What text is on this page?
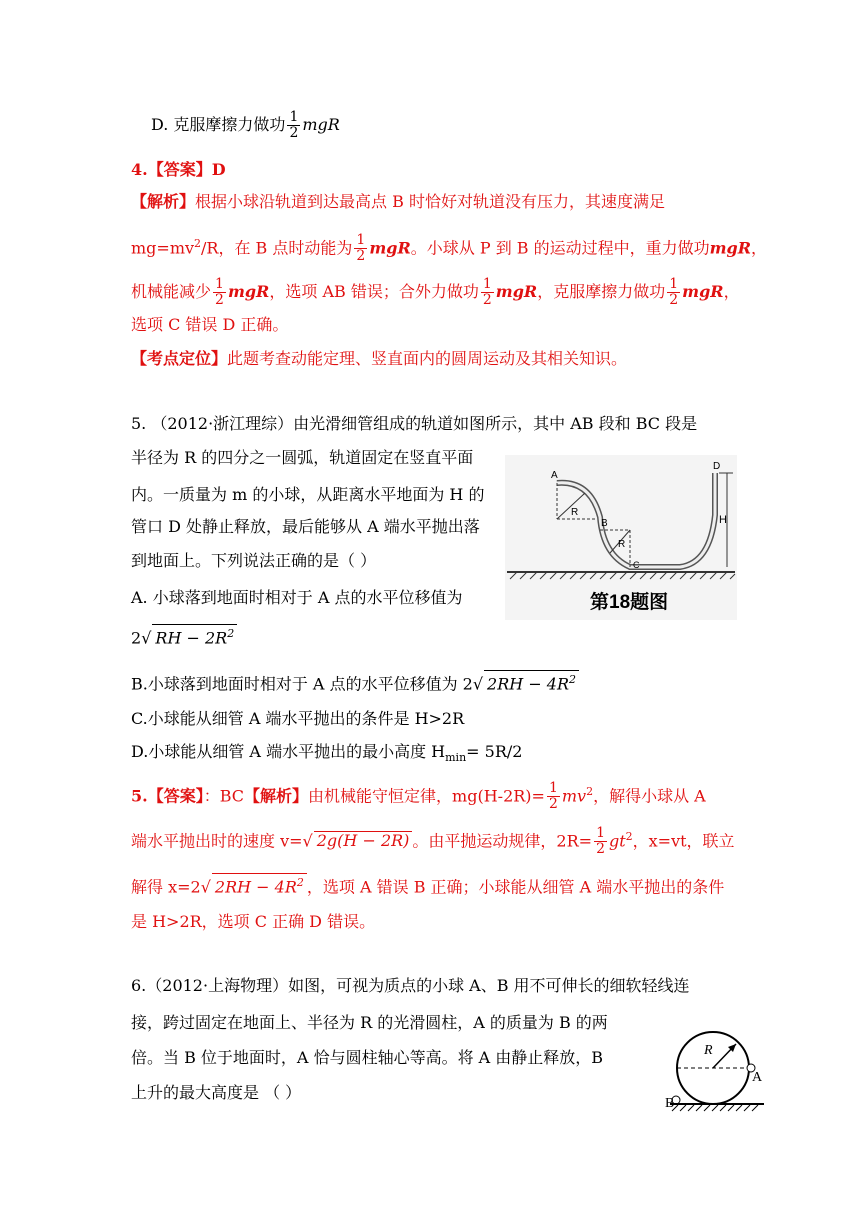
D. 克服摩擦力做功 $\frac{1}{2}$ mgR
4.【答案】D
【解析】根据小球沿轨道到达最高点 B 时恰好对轨道没有压力，其速度满足
$mg=mv^2/R$，在 B 点时动能为 $\frac{1}{2}$ mgR。小球从 P 到 B 的运动过程中，重力做功mgR，
机械能减少 $\frac{1}{2}$ mgR，选项 AB 错误；合外力做功 $\frac{1}{2}$ mgR，克服摩擦力做功 $\frac{1}{2}$ mgR，
选项 C 错误 D 正确。
【考点定位】此题考查动能定理、竖直面内的圆周运动及其相关知识。
5. （2012·浙江理综）由光滑细管组成的轨道如图所示，其中 AB 段和 BC 段是
半径为 R 的四分之一圆弧，轨道固定在竖直平面
内。一质量为 m 的小球，从距离水平地面为 H 的
管口 D 处静止释放，最后能够从 A 端水平抛出落
到地面上。下列说法正确的是（ ）
A. 小球落到地面时相对于 A 点的水平位移值为
2√ RH − $2R^2$
B.小球落到地面时相对于 A 点的水平位移值为 2√ $2RH - 4R^2$
C.小球能从细管 A 端水平抛出的条件是 H>2R
D.小球能从细管 A 端水平抛出的最小高度 $H_{min}= 5R/2$
H
A
B
C
D
R
R
第18题图
5.【答案】：BC【解析】由机械能守恒定律，$mg(H-2R)= \frac{1}{2} mv^2$，解得小球从 A
端水平抛出时的速度 v=√ 2g(H − 2R) 。由平抛运动规律，$2R= \frac{1}{2} gt^2$，x=vt，联立
解得 x=2√ $2RH - 4R^2$ ，选项 A 错误 B 正确；小球能从细管 A 端水平抛出的条件
是 H>2R，选项 C 正确 D 错误。
6.（2012·上海物理）如图，可视为质点的小球 A、B 用不可伸长的细软轻线连
接，跨过固定在地面上、半径为 R 的光滑圆柱，A 的质量为 B 的两
倍。当 B 位于地面时，A 恰与圆柱轴心等高。将 A 由静止释放，B
上升的最大高度是 （ ）
R
A
B
